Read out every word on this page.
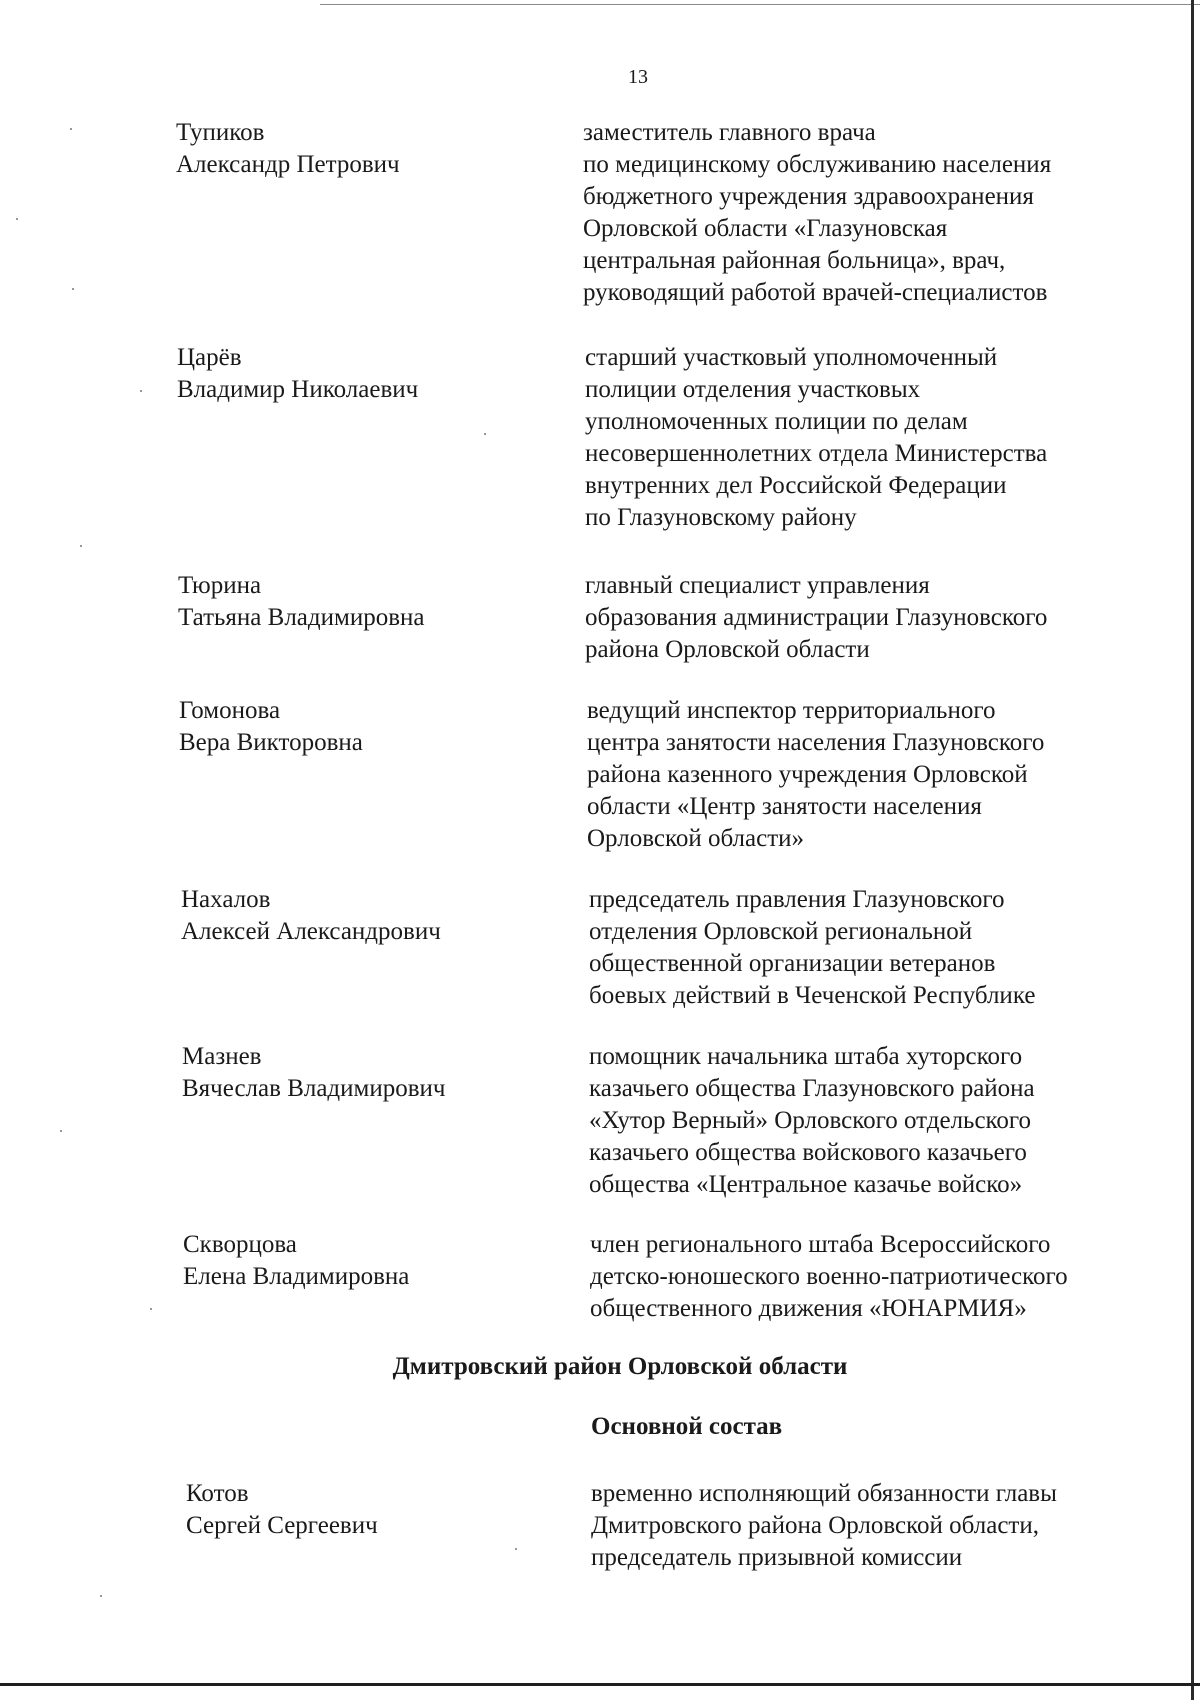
13
Тупиков
Александр Петрович
заместитель главного врача
по медицинскому обслуживанию населения
бюджетного учреждения здравоохранения
Орловской области «Глазуновская
центральная районная больница», врач,
руководящий работой врачей-специалистов
Царёв
Владимир Николаевич
старший участковый уполномоченный
полиции отделения участковых
уполномоченных полиции по делам
несовершеннолетних отдела Министерства
внутренних дел Российской Федерации
по Глазуновскому району
Тюрина
Татьяна Владимировна
главный специалист управления
образования администрации Глазуновского
района Орловской области
Гомонова
Вера Викторовна
ведущий инспектор территориального
центра занятости населения Глазуновского
района казенного учреждения Орловской
области «Центр занятости населения
Орловской области»
Нахалов
Алексей Александрович
председатель правления Глазуновского
отделения Орловской региональной
общественной организации ветеранов
боевых действий в Чеченской Республике
Мазнев
Вячеслав Владимирович
помощник начальника штаба хуторского
казачьего общества Глазуновского района
«Хутор Верный» Орловского отдельского
казачьего общества войскового казачьего
общества «Центральное казачье войско»
Скворцова
Елена Владимировна
член регионального штаба Всероссийского
детско-юношеского военно-патриотического
общественного движения «ЮНАРМИЯ»
Дмитровский район Орловской области
Основной состав
Котов
Сергей Сергеевич
временно исполняющий обязанности главы
Дмитровского района Орловской области,
председатель призывной комиссии
